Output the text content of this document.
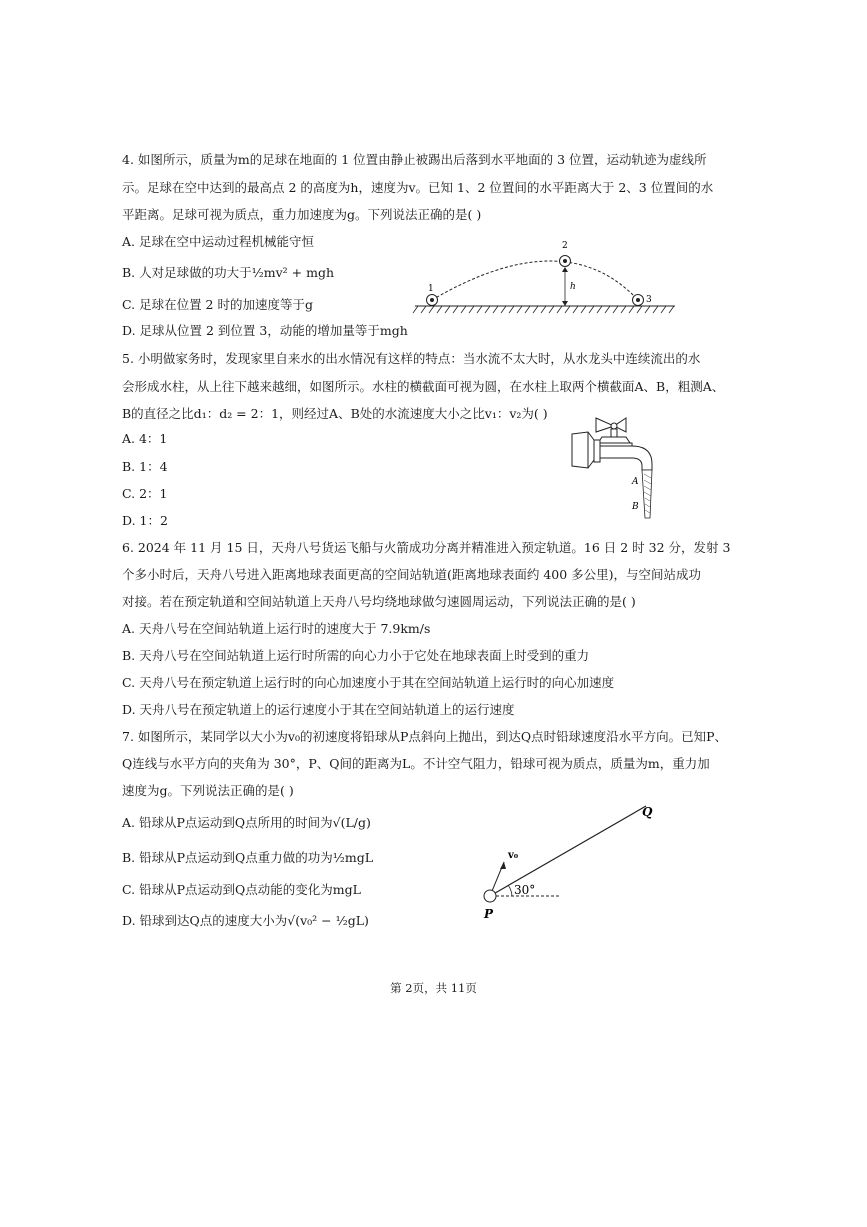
4. 如图所示，质量为m的足球在地面的 1 位置由静止被踢出后落到水平地面的 3 位置，运动轨迹为虚线所
示。足球在空中达到的最高点 2 的高度为h，速度为v。已知 1、2 位置间的水平距离大于 2、3 位置间的水
平距离。足球可视为质点，重力加速度为g。下列说法正确的是( )
A. 足球在空中运动过程机械能守恒
B. 人对足球做的功大于½mv² + mgh
C. 足球在位置 2 时的加速度等于g
D. 足球从位置 2 到位置 3，动能的增加量等于mgh
1
2
3
h
5. 小明做家务时，发现家里自来水的出水情况有这样的特点：当水流不太大时，从水龙头中连续流出的水
会形成水柱，从上往下越来越细，如图所示。水柱的横截面可视为圆，在水柱上取两个横截面A、B，粗测A、
B的直径之比d₁：d₂ = 2：1，则经过A、B处的水流速度大小之比v₁：v₂为( )
A. 4：1
B. 1：4
C. 2：1
D. 1：2
A
B
6. 2024 年 11 月 15 日，天舟八号货运飞船与火箭成功分离并精准进入预定轨道。16 日 2 时 32 分，发射 3
个多小时后，天舟八号进入距离地球表面更高的空间站轨道(距离地球表面约 400 多公里)，与空间站成功
对接。若在预定轨道和空间站轨道上天舟八号均绕地球做匀速圆周运动，下列说法正确的是( )
A. 天舟八号在空间站轨道上运行时的速度大于 7.9km/s
B. 天舟八号在空间站轨道上运行时所需的向心力小于它处在地球表面上时受到的重力
C. 天舟八号在预定轨道上运行时的向心加速度小于其在空间站轨道上运行时的向心加速度
D. 天舟八号在预定轨道上的运行速度小于其在空间站轨道上的运行速度
7. 如图所示，某同学以大小为v₀的初速度将铅球从P点斜向上抛出，到达Q点时铅球速度沿水平方向。已知P、
Q连线与水平方向的夹角为 30°，P、Q间的距离为L。不计空气阻力，铅球可视为质点，质量为m，重力加
速度为g。下列说法正确的是( )
A. 铅球从P点运动到Q点所用的时间为√(L/g)
B. 铅球从P点运动到Q点重力做的功为½mgL
C. 铅球从P点运动到Q点动能的变化为mgL
D. 铅球到达Q点的速度大小为√(v₀² − ½gL)
Q
P
v₀
30°
第 2页，共 11页
